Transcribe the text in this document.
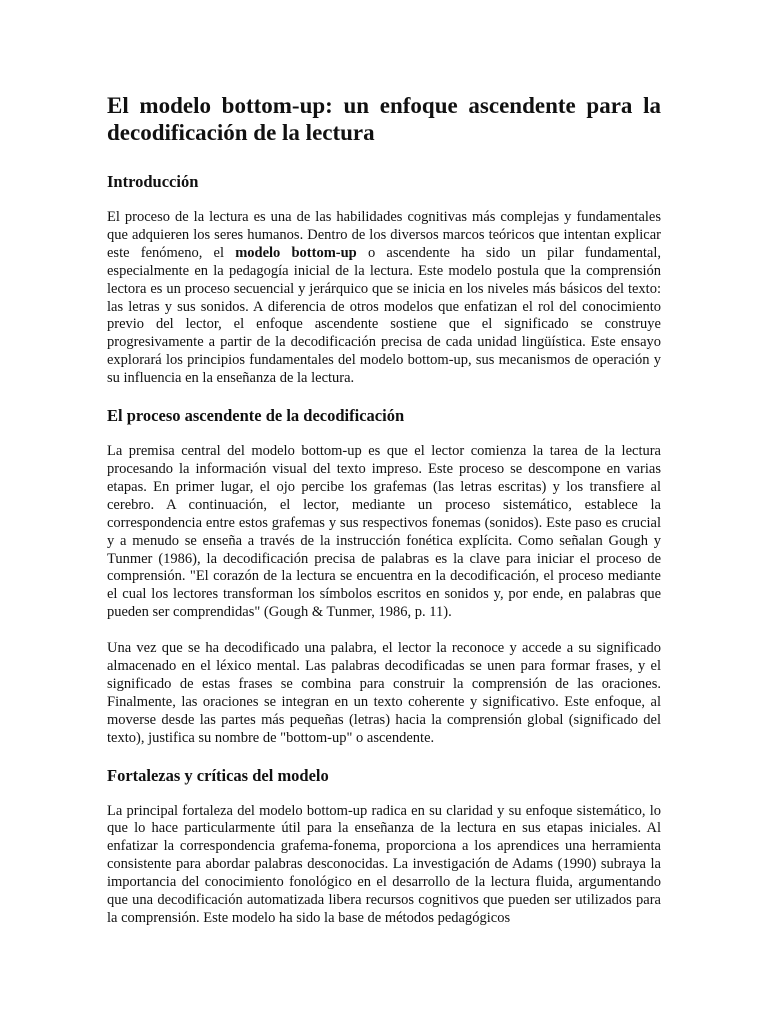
El modelo bottom-up: un enfoque ascendente para la decodificación de la lectura
Introducción

El proceso de la lectura es una de las habilidades cognitivas más complejas y fundamentales que adquieren los seres humanos. Dentro de los diversos marcos teóricos que intentan explicar este fenómeno, el modelo bottom-up o ascendente ha sido un pilar fundamental, especialmente en la pedagogía inicial de la lectura. Este modelo postula que la comprensión lectora es un proceso secuencial y jerárquico que se inicia en los niveles más básicos del texto: las letras y sus sonidos. A diferencia de otros modelos que enfatizan el rol del conocimiento previo del lector, el enfoque ascendente sostiene que el significado se construye progresivamente a partir de la decodificación precisa de cada unidad lingüística. Este ensayo explorará los principios fundamentales del modelo bottom-up, sus mecanismos de operación y su influencia en la enseñanza de la lectura.

El proceso ascendente de la decodificación

La premisa central del modelo bottom-up es que el lector comienza la tarea de la lectura procesando la información visual del texto impreso. Este proceso se descompone en varias etapas. En primer lugar, el ojo percibe los grafemas (las letras escritas) y los transfiere al cerebro. A continuación, el lector, mediante un proceso sistemático, establece la correspondencia entre estos grafemas y sus respectivos fonemas (sonidos). Este paso es crucial y a menudo se enseña a través de la instrucción fonética explícita. Como señalan Gough y Tunmer (1986), la decodificación precisa de palabras es la clave para iniciar el proceso de comprensión. "El corazón de la lectura se encuentra en la decodificación, el proceso mediante el cual los lectores transforman los símbolos escritos en sonidos y, por ende, en palabras que pueden ser comprendidas" (Gough & Tunmer, 1986, p. 11).

Una vez que se ha decodificado una palabra, el lector la reconoce y accede a su significado almacenado en el léxico mental. Las palabras decodificadas se unen para formar frases, y el significado de estas frases se combina para construir la comprensión de las oraciones. Finalmente, las oraciones se integran en un texto coherente y significativo. Este enfoque, al moverse desde las partes más pequeñas (letras) hacia la comprensión global (significado del texto), justifica su nombre de "bottom-up" o ascendente.

Fortalezas y críticas del modelo

La principal fortaleza del modelo bottom-up radica en su claridad y su enfoque sistemático, lo que lo hace particularmente útil para la enseñanza de la lectura en sus etapas iniciales. Al enfatizar la correspondencia grafema-fonema, proporciona a los aprendices una herramienta consistente para abordar palabras desconocidas. La investigación de Adams (1990) subraya la importancia del conocimiento fonológico en el desarrollo de la lectura fluida, argumentando que una decodificación automatizada libera recursos cognitivos que pueden ser utilizados para la comprensión. Este modelo ha sido la base de métodos pedagógicos
